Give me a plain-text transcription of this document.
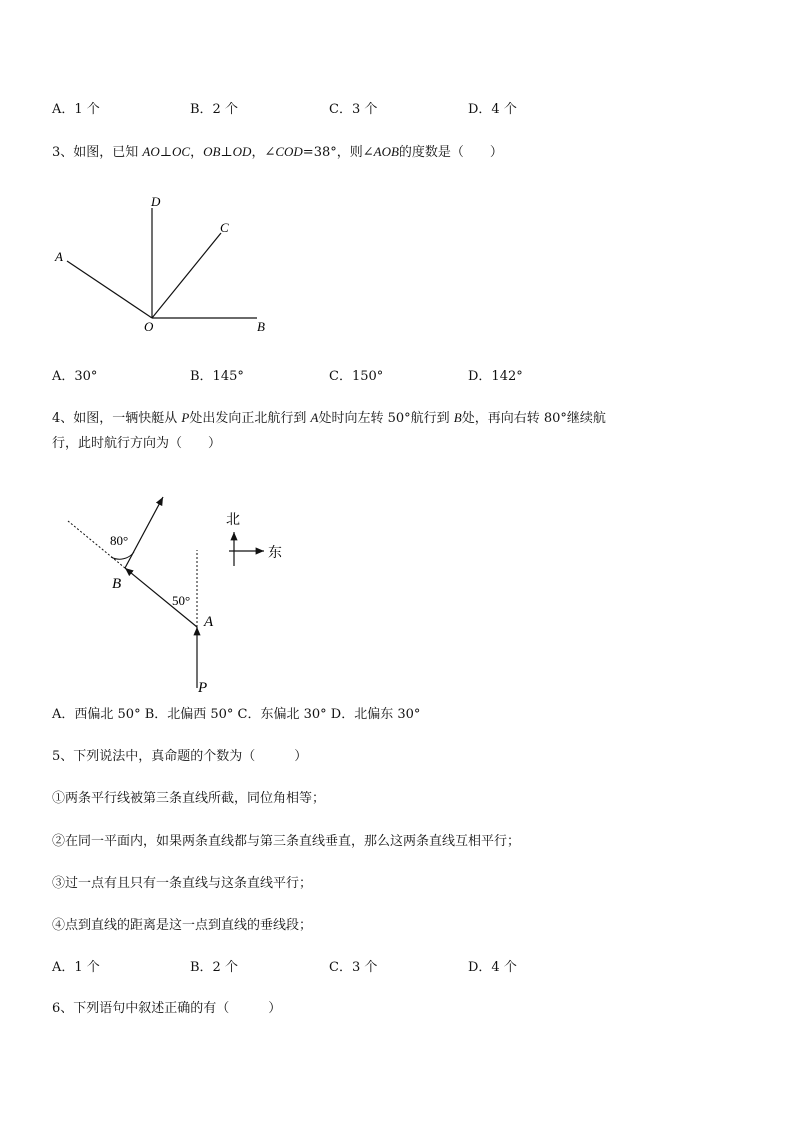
A．1 个	B．2 个	C．3 个	D．4 个
3、如图，已知 AO⊥OC，OB⊥OD，∠COD=38°，则∠AOB的度数是（　　）
D
C
A
O	B
A．30°	B．145°	C．150°	D．142°
4、如图，一辆快艇从 P处出发向正北航行到 A处时向左转 50°航行到 B处，再向右转 80°继续航
行，此时航行方向为（　　）
80°
B
50°
A
P
北
东
A．西偏北 50° B．北偏西 50° C．东偏北 30° D．北偏东 30°
5、下列说法中，真命题的个数为（　　　）
①两条平行线被第三条直线所截，同位角相等；
②在同一平面内，如果两条直线都与第三条直线垂直，那么这两条直线互相平行；
③过一点有且只有一条直线与这条直线平行；
④点到直线的距离是这一点到直线的垂线段；
A．1 个	B．2 个	C．3 个	D．4 个
6、下列语句中叙述正确的有（　　　）
